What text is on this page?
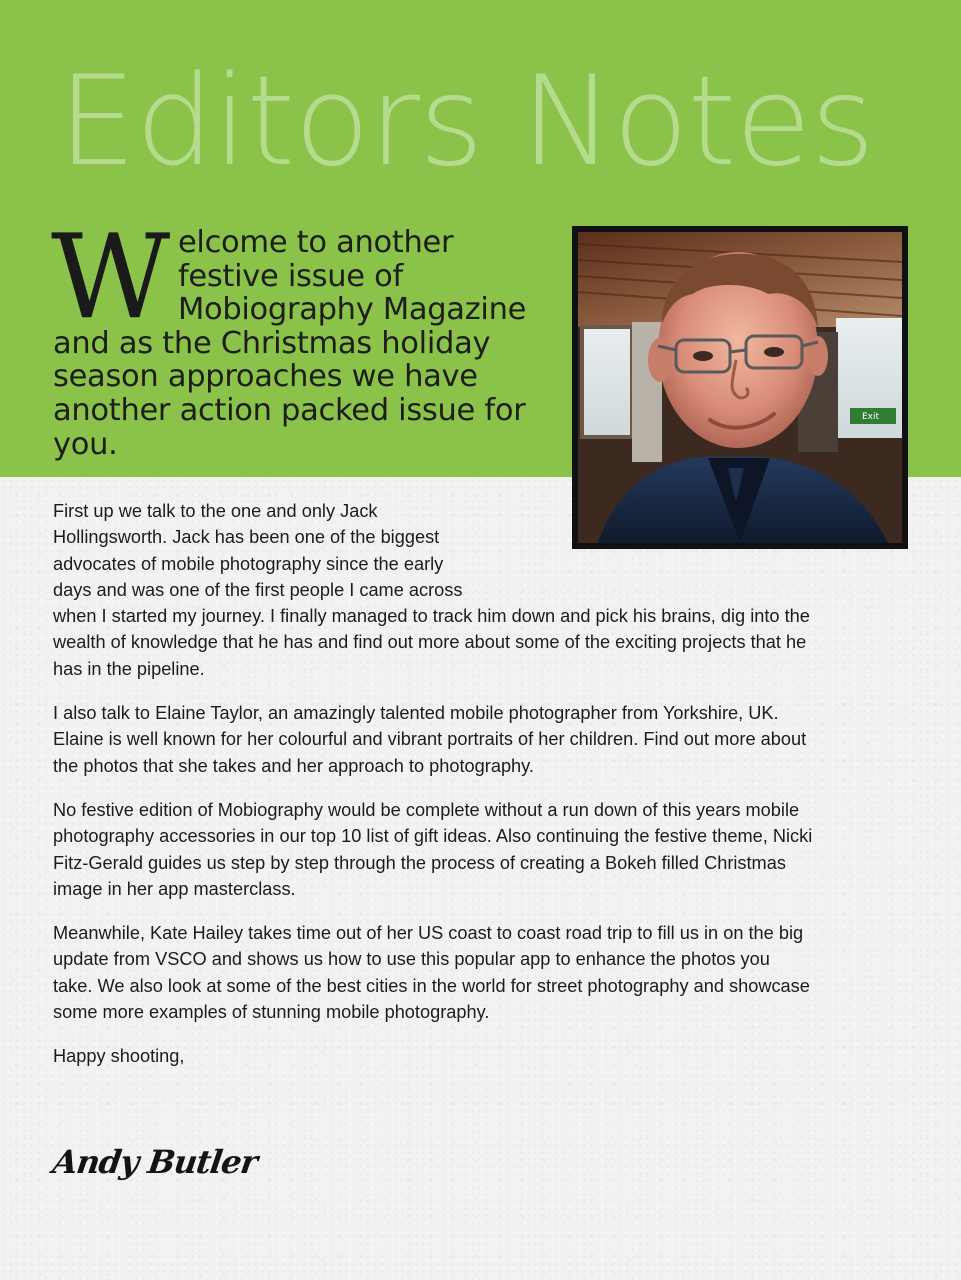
Editors Notes

Welcome to another festive issue of Mobiography Magazine and as the Christmas holiday season approaches we have another action packed issue for you.

Exit

First up we talk to the one and only Jack
Hollingsworth. Jack has been one of the biggest
advocates of mobile photography since the early
days and was one of the first people I came across
when I started my journey. I finally managed to track him down and pick his brains, dig into the wealth of knowledge that he has and find out more about some of the exciting projects that he has in the pipeline.

I also talk to Elaine Taylor, an amazingly talented mobile photographer from Yorkshire, UK. Elaine is well known for her colourful and vibrant portraits of her children. Find out more about the photos that she takes and her approach to photography.

No festive edition of Mobiography would be complete without a run down of this years mobile photography accessories in our top 10 list of gift ideas. Also continuing the festive theme, Nicki Fitz-Gerald guides us step by step through the process of creating a Bokeh filled Christmas image in her app masterclass.

Meanwhile, Kate Hailey takes time out of her US coast to coast road trip to fill us in on the big update from VSCO and shows us how to use this popular app to enhance the photos you take. We also look at some of the best cities in the world for street photography and showcase some more examples of stunning mobile photography.

Happy shooting,

Andy Butler
